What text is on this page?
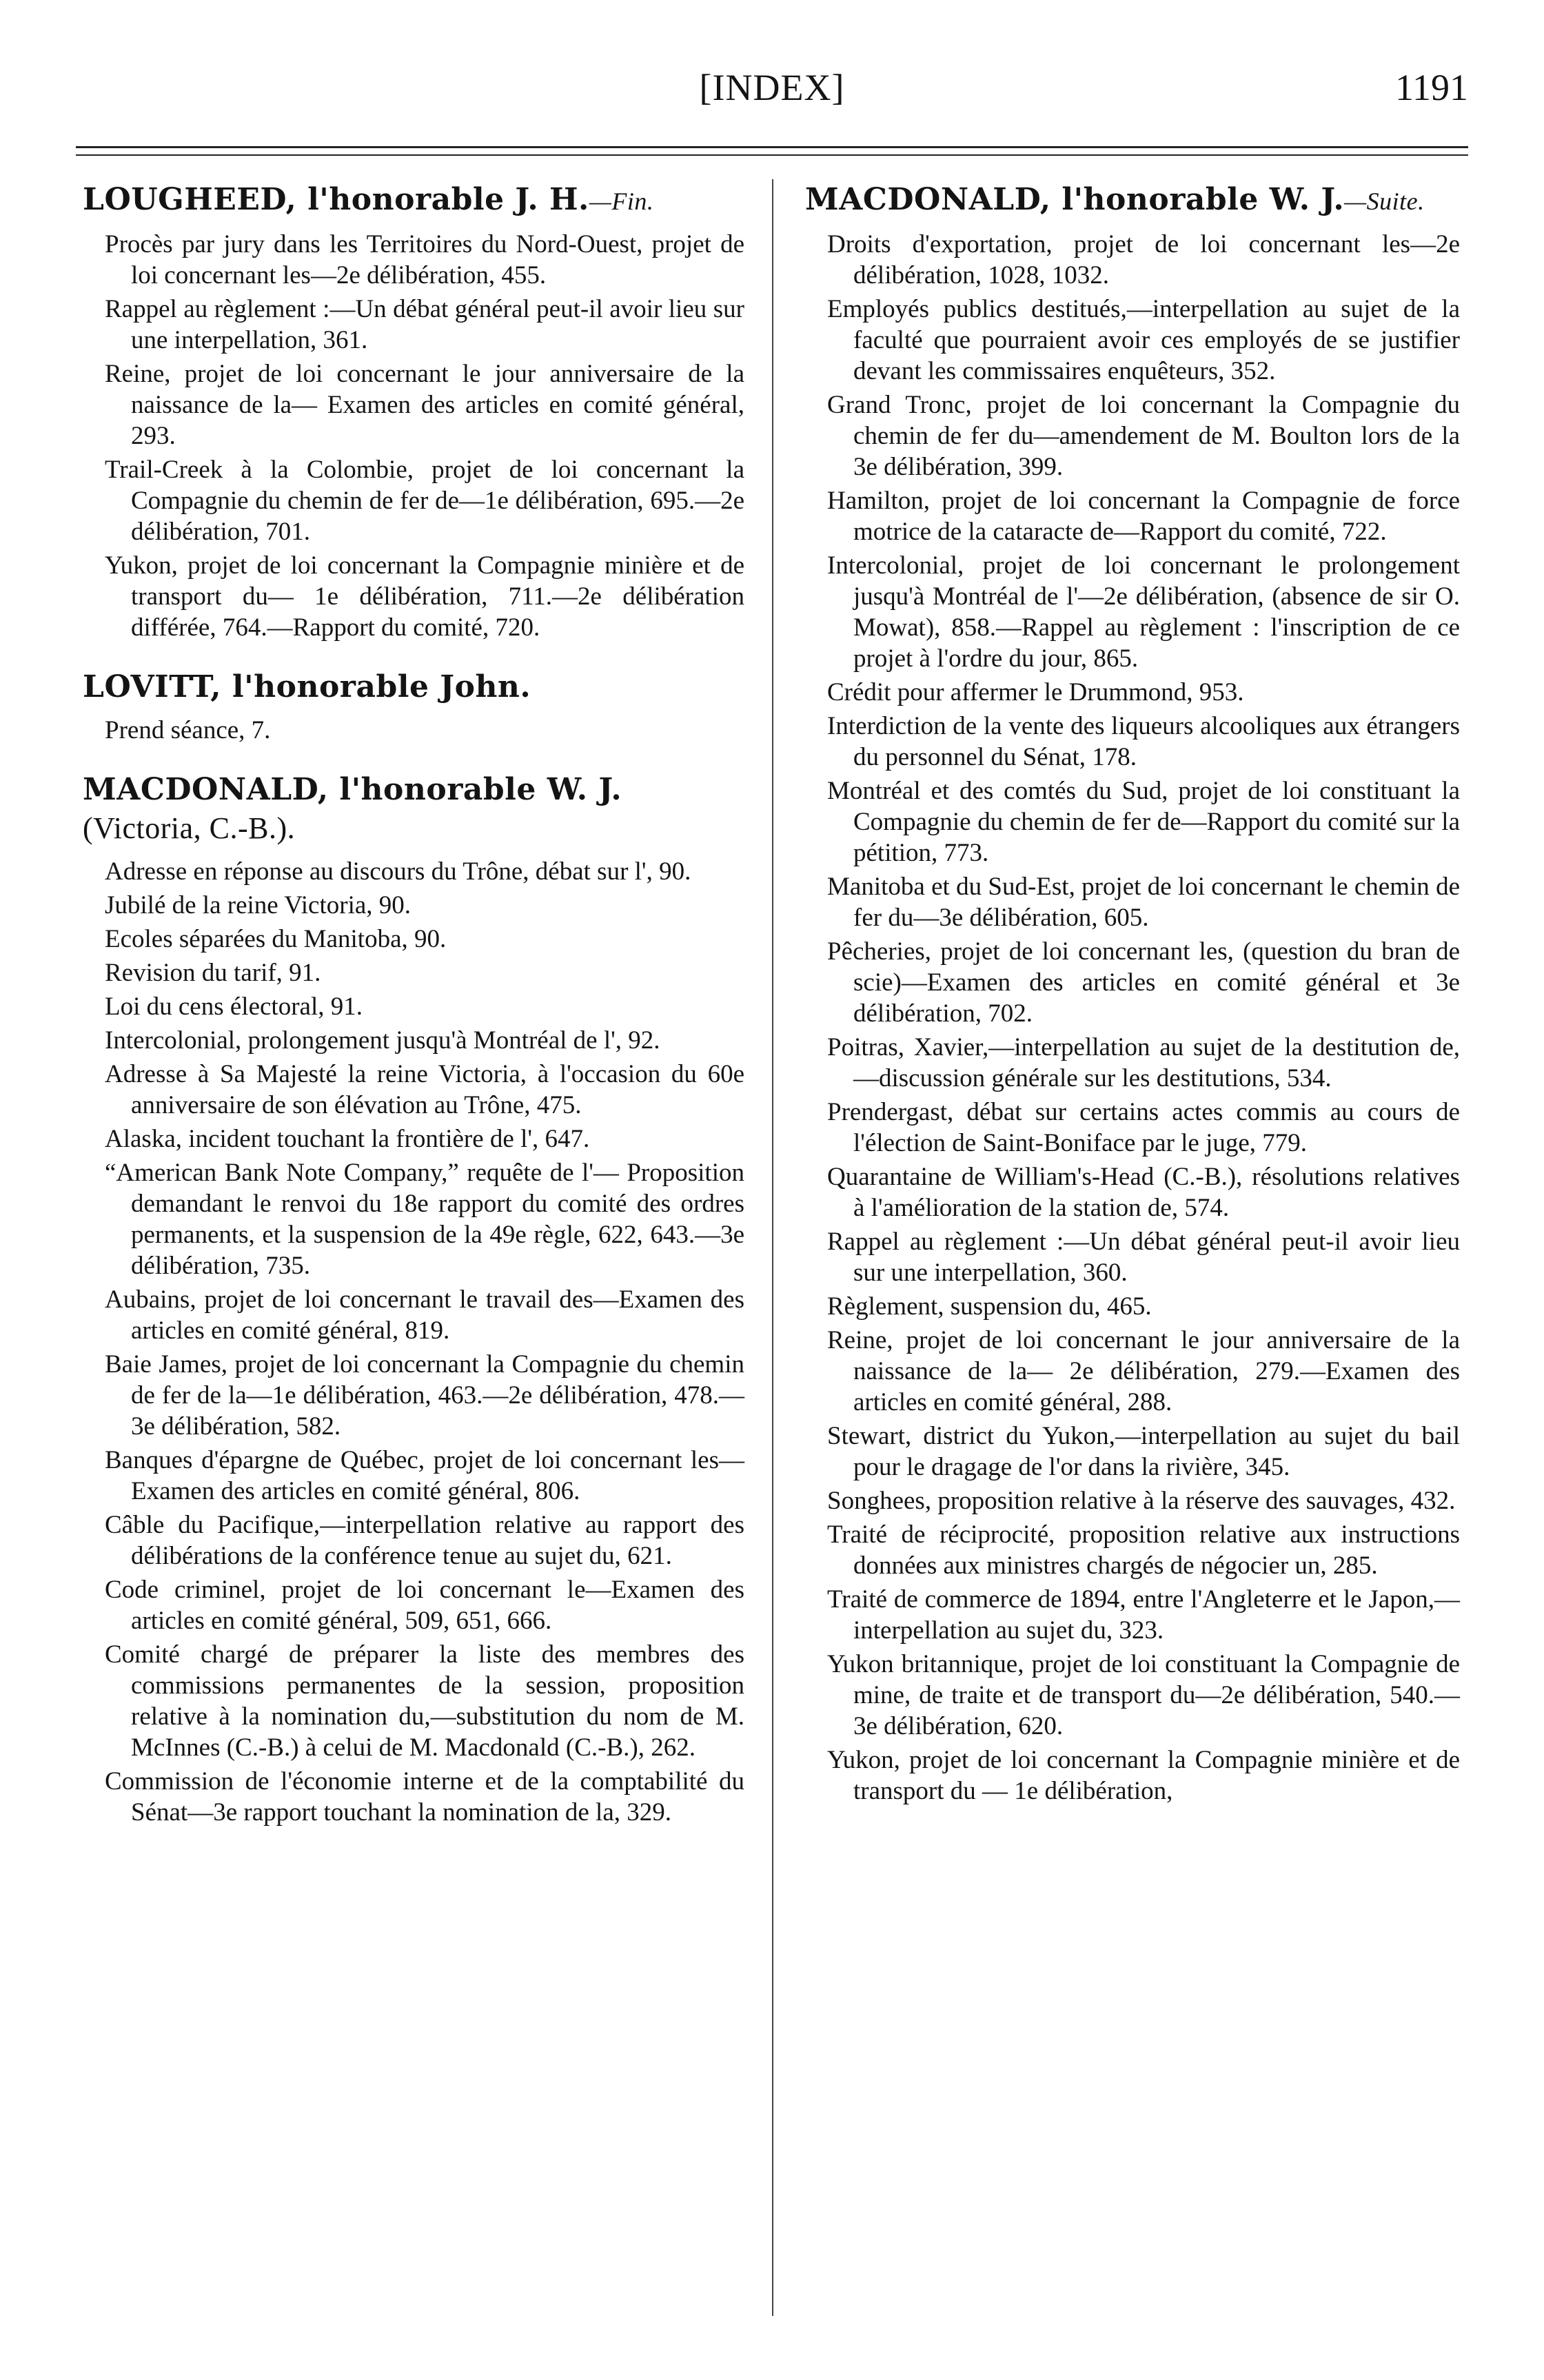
[INDEX]	1191
LOUGHEED, l'honorable J. H.—Fin.
Procès par jury dans les Territoires du Nord-Ouest, projet de loi concernant les—2e délibération, 455.
Rappel au règlement :—Un débat général peut-il avoir lieu sur une interpellation, 361.
Reine, projet de loi concernant le jour anniversaire de la naissance de la— Examen des articles en comité général, 293.
Trail-Creek à la Colombie, projet de loi concernant la Compagnie du chemin de fer de—1e délibération, 695.—2e délibération, 701.
Yukon, projet de loi concernant la Compagnie minière et de transport du— 1e délibération, 711.—2e délibération différée, 764.—Rapport du comité, 720.
LOVITT, l'honorable John.
Prend séance, 7.
MACDONALD, l'honorable W. J. (Victoria, C.-B.).
Adresse en réponse au discours du Trône, débat sur l', 90.
Jubilé de la reine Victoria, 90.
Ecoles séparées du Manitoba, 90.
Revision du tarif, 91.
Loi du cens électoral, 91.
Intercolonial, prolongement jusqu'à Montréal de l', 92.
Adresse à Sa Majesté la reine Victoria, à l'occasion du 60e anniversaire de son élévation au Trône, 475.
Alaska, incident touchant la frontière de l', 647.
“American Bank Note Company,” requête de l'— Proposition demandant le renvoi du 18e rapport du comité des ordres permanents, et la suspension de la 49e règle, 622, 643.—3e délibération, 735.
Aubains, projet de loi concernant le travail des—Examen des articles en comité général, 819.
Baie James, projet de loi concernant la Compagnie du chemin de fer de la—1e délibération, 463.—2e délibération, 478.—3e délibération, 582.
Banques d'épargne de Québec, projet de loi concernant les—Examen des articles en comité général, 806.
Câble du Pacifique,—interpellation relative au rapport des délibérations de la conférence tenue au sujet du, 621.
Code criminel, projet de loi concernant le—Examen des articles en comité général, 509, 651, 666.
Comité chargé de préparer la liste des membres des commissions permanentes de la session, proposition relative à la nomination du,—substitution du nom de M. McInnes (C.-B.) à celui de M. Macdonald (C.-B.), 262.
Commission de l'économie interne et de la comptabilité du Sénat—3e rapport touchant la nomination de la, 329.
MACDONALD, l'honorable W. J.—Suite.
Droits d'exportation, projet de loi concernant les—2e délibération, 1028, 1032.
Employés publics destitués,—interpellation au sujet de la faculté que pourraient avoir ces employés de se justifier devant les commissaires enquêteurs, 352.
Grand Tronc, projet de loi concernant la Compagnie du chemin de fer du—amendement de M. Boulton lors de la 3e délibération, 399.
Hamilton, projet de loi concernant la Compagnie de force motrice de la cataracte de—Rapport du comité, 722.
Intercolonial, projet de loi concernant le prolongement jusqu'à Montréal de l'—2e délibération, (absence de sir O. Mowat), 858.—Rappel au règlement : l'inscription de ce projet à l'ordre du jour, 865.
Crédit pour affermer le Drummond, 953.
Interdiction de la vente des liqueurs alcooliques aux étrangers du personnel du Sénat, 178.
Montréal et des comtés du Sud, projet de loi constituant la Compagnie du chemin de fer de—Rapport du comité sur la pétition, 773.
Manitoba et du Sud-Est, projet de loi concernant le chemin de fer du—3e délibération, 605.
Pêcheries, projet de loi concernant les, (question du bran de scie)—Examen des articles en comité général et 3e délibération, 702.
Poitras, Xavier,—interpellation au sujet de la destitution de,—discussion générale sur les destitutions, 534.
Prendergast, débat sur certains actes commis au cours de l'élection de Saint-Boniface par le juge, 779.
Quarantaine de William's-Head (C.-B.), résolutions relatives à l'amélioration de la station de, 574.
Rappel au règlement :—Un débat général peut-il avoir lieu sur une interpellation, 360.
Règlement, suspension du, 465.
Reine, projet de loi concernant le jour anniversaire de la naissance de la— 2e délibération, 279.—Examen des articles en comité général, 288.
Stewart, district du Yukon,—interpellation au sujet du bail pour le dragage de l'or dans la rivière, 345.
Songhees, proposition relative à la réserve des sauvages, 432.
Traité de réciprocité, proposition relative aux instructions données aux ministres chargés de négocier un, 285.
Traité de commerce de 1894, entre l'Angleterre et le Japon,—interpellation au sujet du, 323.
Yukon britannique, projet de loi constituant la Compagnie de mine, de traite et de transport du—2e délibération, 540.—3e délibération, 620.
Yukon, projet de loi concernant la Compagnie minière et de transport du — 1e délibération,
